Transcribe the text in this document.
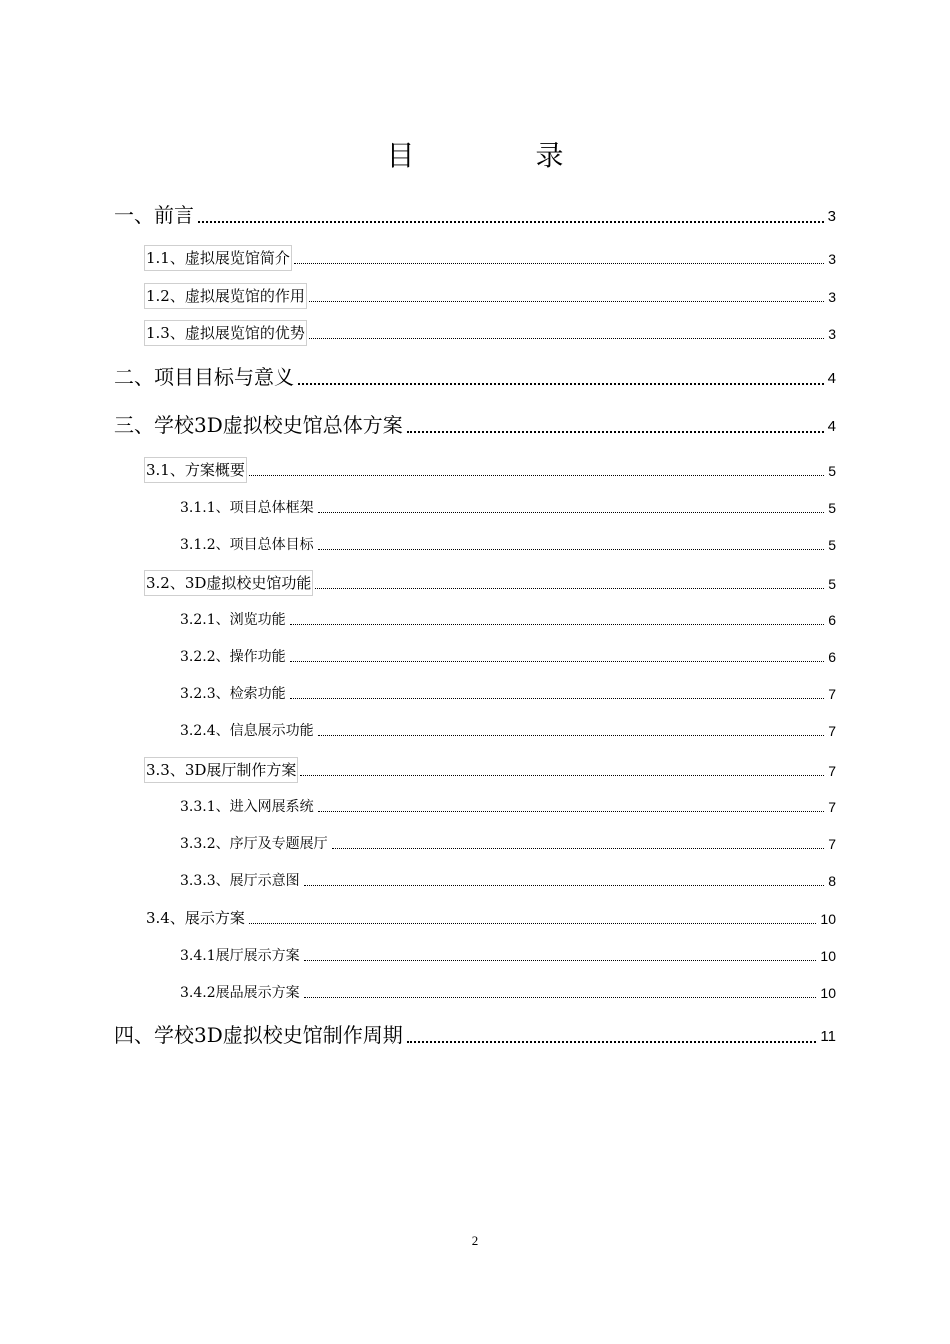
目 录
一、前言	3
1.1、虚拟展览馆简介	3
1.2、虚拟展览馆的作用	3
1.3、虚拟展览馆的优势	3
二、项目目标与意义	4
三、学校3D虚拟校史馆总体方案	4
3.1、方案概要	5
3.1.1、项目总体框架	5
3.1.2、项目总体目标	5
3.2、3D虚拟校史馆功能	5
3.2.1、浏览功能	6
3.2.2、操作功能	6
3.2.3、检索功能	7
3.2.4、信息展示功能	7
3.3、3D展厅制作方案	7
3.3.1、进入网展系统	7
3.3.2、序厅及专题展厅	7
3.3.3、展厅示意图	8
3.4、展示方案	10
3.4.1展厅展示方案	10
3.4.2展品展示方案	10
四、学校3D虚拟校史馆制作周期	11
2
